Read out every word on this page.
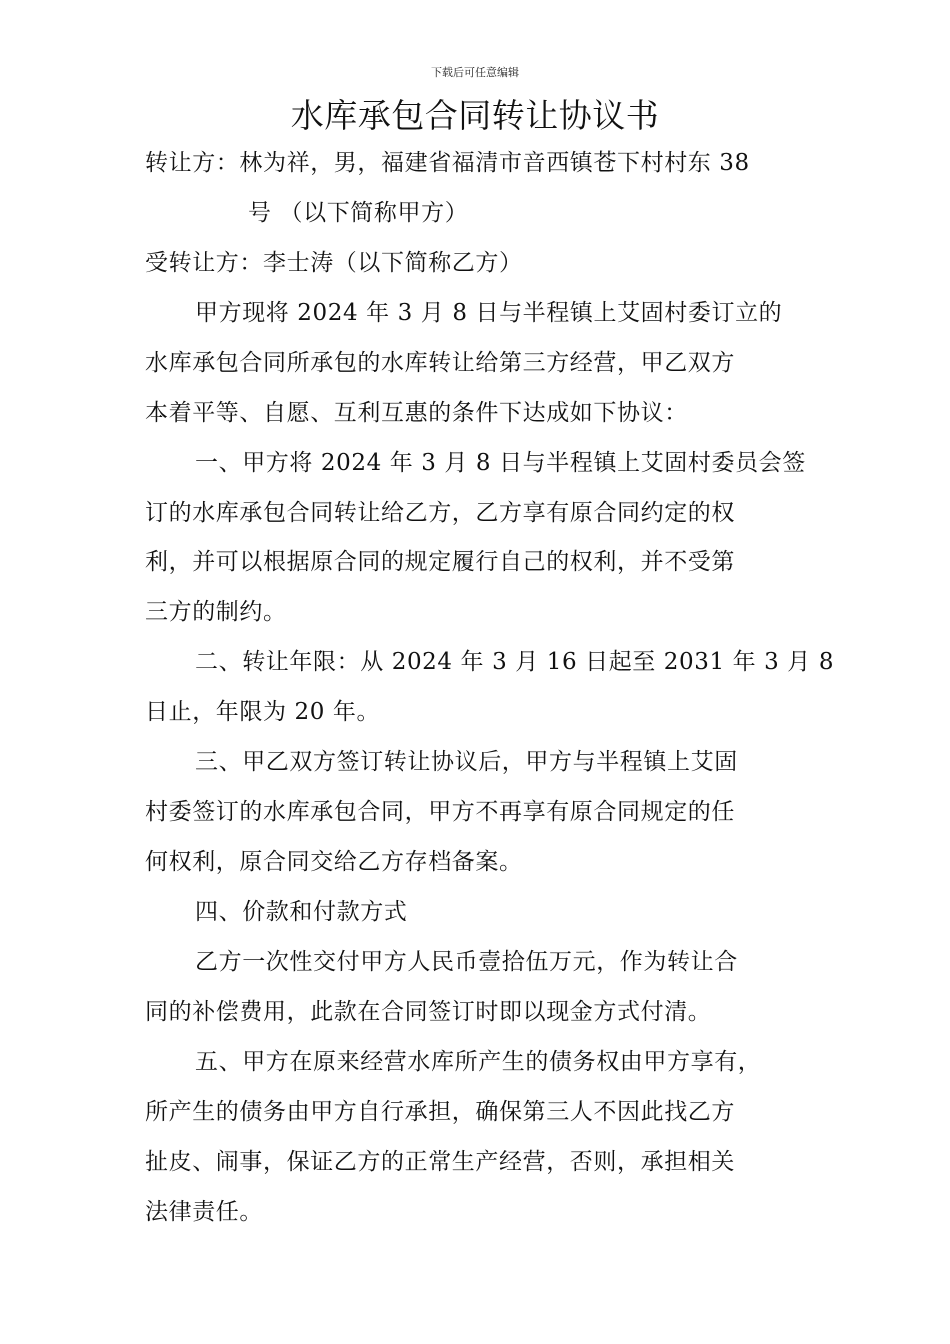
下载后可任意编辑
水库承包合同转让协议书
转让方：林为祥，男，福建省福清市音西镇苍下村村东 38
号 （以下简称甲方）
受转让方：李士涛（以下简称乙方）
甲方现将 2024 年 3 月 8 日与半程镇上艾固村委订立的
水库承包合同所承包的水库转让给第三方经营，甲乙双方
本着平等、自愿、互利互惠的条件下达成如下协议：
一、甲方将 2024 年 3 月 8 日与半程镇上艾固村委员会签
订的水库承包合同转让给乙方，乙方享有原合同约定的权
利，并可以根据原合同的规定履行自己的权利，并不受第
三方的制约。
二、转让年限：从 2024 年 3 月 16 日起至 2031 年 3 月 8
日止，年限为 20 年。
三、甲乙双方签订转让协议后，甲方与半程镇上艾固
村委签订的水库承包合同，甲方不再享有原合同规定的任
何权利，原合同交给乙方存档备案。
四、价款和付款方式
乙方一次性交付甲方人民币壹拾伍万元，作为转让合
同的补偿费用，此款在合同签订时即以现金方式付清。
五、甲方在原来经营水库所产生的债务权由甲方享有，
所产生的债务由甲方自行承担，确保第三人不因此找乙方
扯皮、闹事，保证乙方的正常生产经营，否则，承担相关
法律责任。
